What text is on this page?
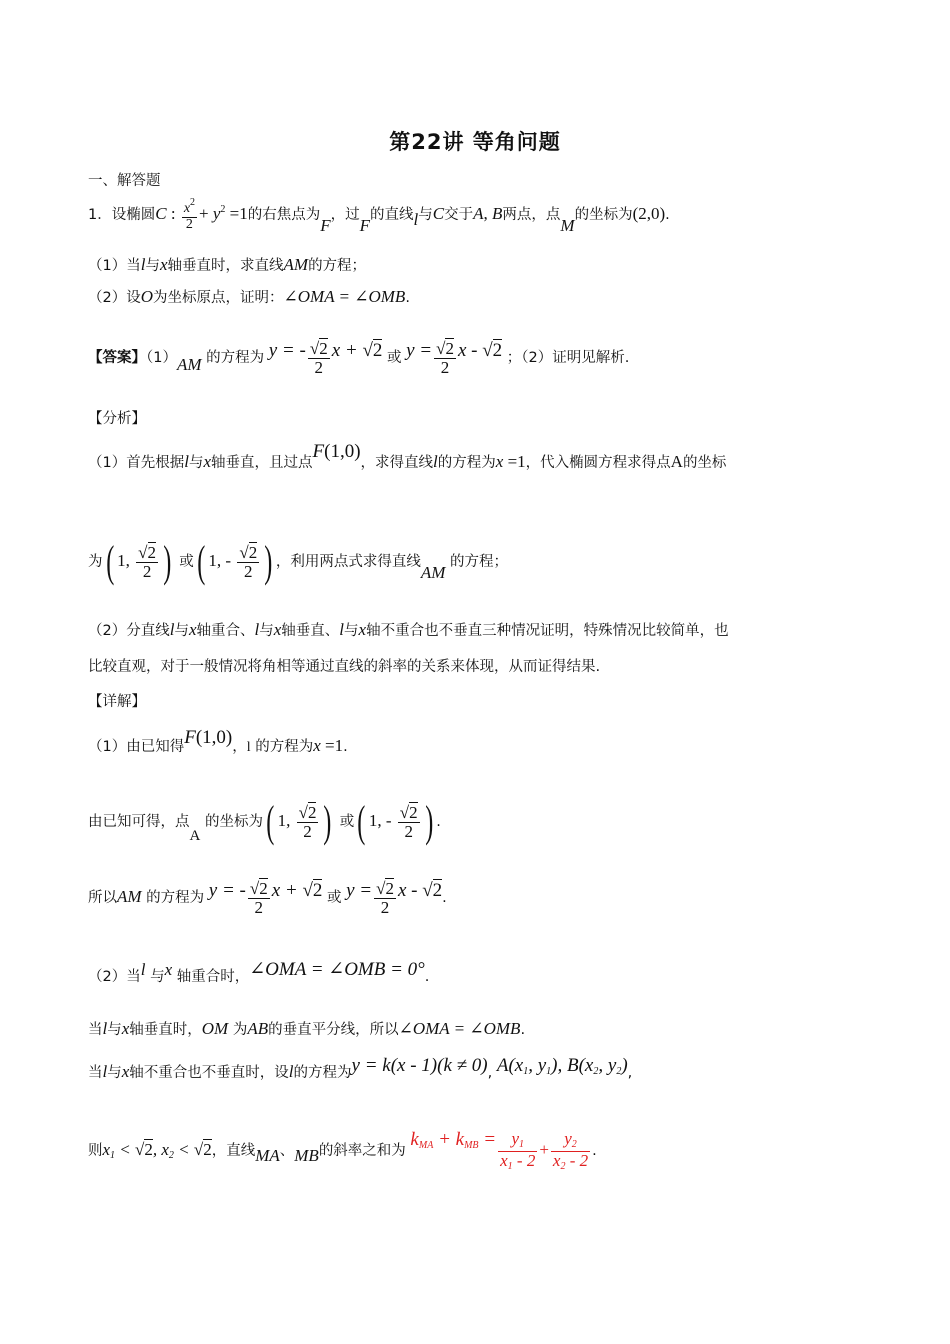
第22讲 等角问题
一、解答题
1．设椭圆C : $\frac{x^2}{2} + y^2 =1$的右焦点为F，过F的直线l与C交于A, B两点，点M的坐标为(2,0).
（1）当l与x轴垂直时，求直线AM的方程；
（2）设O为坐标原点，证明：∠OMA = ∠OMB.
【答案】（1）AM 的方程为 y = - $\frac{√2}{2}$ x + √2 或 $y = \frac{√2}{2}$ x - √2 ；（2）证明见解析.
【分析】
（1）首先根据l与x轴垂直，且过点F(1,0)，求得直线l的方程为x =1，代入椭圆方程求得点A的坐标
为( 1, $\frac{√2}{2}$ ) 或( 1, - $\frac{√2}{2}$ ) ，利用两点式求得直线AM 的方程；
（2）分直线l与x轴重合、l与x轴垂直、l与x轴不重合也不垂直三种情况证明，特殊情况比较简单，也
比较直观，对于一般情况将角相等通过直线的斜率的关系来体现，从而证得结果.
【详解】
（1）由已知得F(1,0)，l 的方程为x =1.
由已知可得，点A 的坐标为( 1, $\frac{√2}{2}$ ) 或( 1, - $\frac{√2}{2}$ ) .
所以AM 的方程为 y = - $\frac{√2}{2}$ x + √2 或 $y = \frac{√2}{2}$ x - √2.
（2）当l 与x 轴重合时，∠OMA = ∠OMB = 0°.
当l与x轴垂直时，OM 为AB的垂直平分线，所以∠OMA = ∠OMB.
当l与x轴不重合也不垂直时，设l的方程为y = k(x - 1)(k ≠ 0), $A(x_1$, $y_1$), $B(x_2$, $y_2$),
则$x_1 < √2$, $x_2 < √2$，直线MA、MB的斜率之和为 $k_{MA} + k_{MB} = \frac{y_1}{x_1 - 2} + \frac{y_2}{x_2 - 2}$ .
